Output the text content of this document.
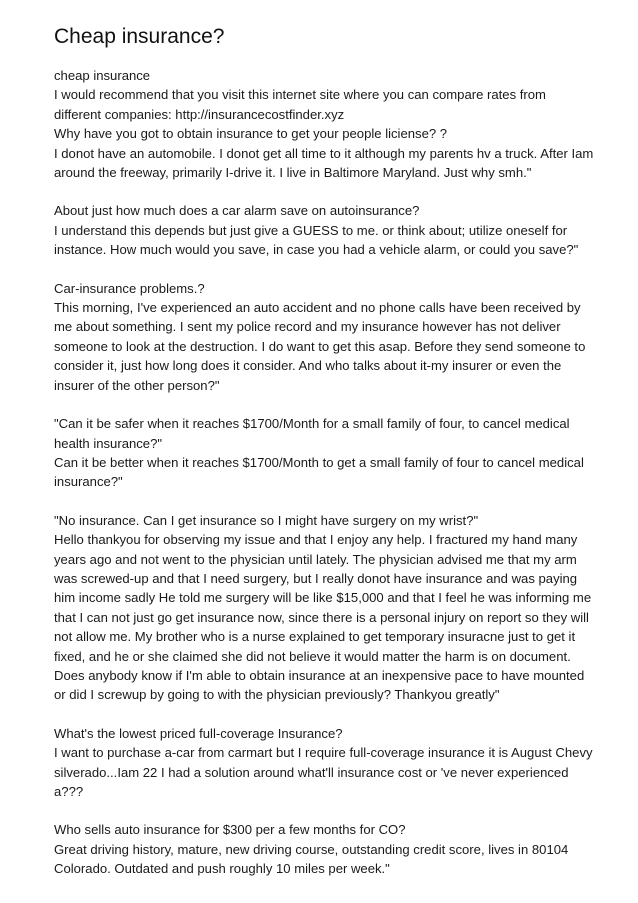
Cheap insurance?
cheap insurance
I would recommend that you visit this internet site where you can compare rates from
different companies: http://insurancecostfinder.xyz
Why have you got to obtain insurance to get your people liciense? ?
I donot have an automobile. I donot get all time to it although my parents hv a truck. After Iam
around the freeway, primarily I-drive it. I live in Baltimore Maryland. Just why smh."
About just how much does a car alarm save on autoinsurance?
I understand this depends but just give a GUESS to me. or think about; utilize oneself for
instance. How much would you save, in case you had a vehicle alarm, or could you save?"
Car-insurance problems.?
This morning, I've experienced an auto accident and no phone calls have been received by
me about something. I sent my police record and my insurance however has not deliver
someone to look at the destruction. I do want to get this asap. Before they send someone to
consider it, just how long does it consider. And who talks about it-my insurer or even the
insurer of the other person?"
"Can it be safer when it reaches $1700/Month for a small family of four, to cancel medical
health insurance?"
Can it be better when it reaches $1700/Month to get a small family of four to cancel medical
insurance?"
"No insurance. Can I get insurance so I might have surgery on my wrist?"
Hello thankyou for observing my issue and that I enjoy any help. I fractured my hand many
years ago and not went to the physician until lately. The physician advised me that my arm
was screwed-up and that I need surgery, but I really donot have insurance and was paying
him income sadly He told me surgery will be like $15,000 and that I feel he was informing me
that I can not just go get insurance now, since there is a personal injury on report so they will
not allow me. My brother who is a nurse explained to get temporary insuracne just to get it
fixed, and he or she claimed she did not believe it would matter the harm is on document.
Does anybody know if I'm able to obtain insurance at an inexpensive pace to have mounted
or did I screwup by going to with the physician previously? Thankyou greatly"
What's the lowest priced full-coverage Insurance?
I want to purchase a-car from carmart but I require full-coverage insurance it is August Chevy
silverado...Iam 22 I had a solution around what'll insurance cost or 've never experienced
a???
Who sells auto insurance for $300 per a few months for CO?
Great driving history, mature, new driving course, outstanding credit score, lives in 80104
Colorado. Outdated and push roughly 10 miles per week."
